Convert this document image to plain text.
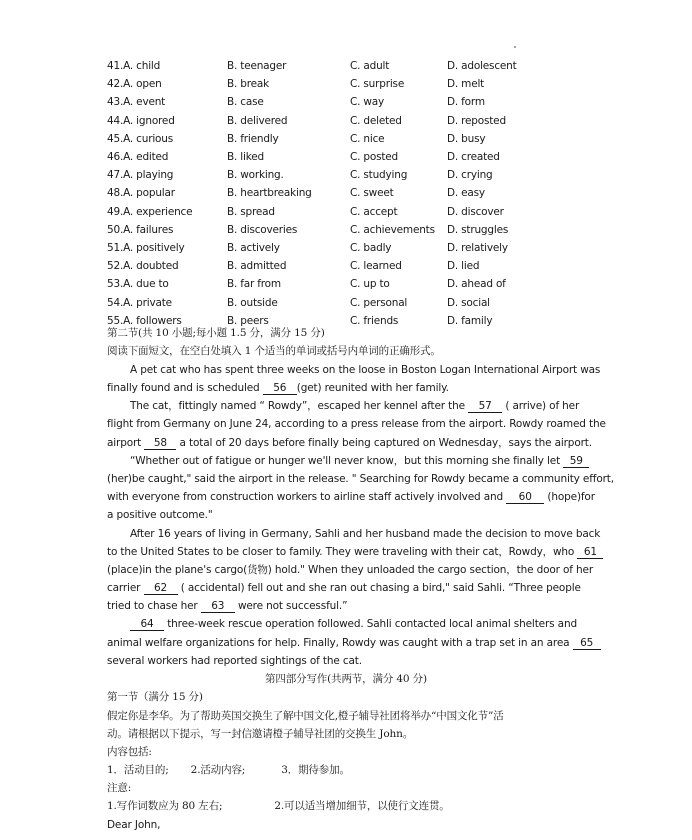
41.A. child	B. teenager	C. adult	D. adolescent
42.A. open	B. break	C. surprise	D. melt
43.A. event	B. case	C. way	D. form
44.A. ignored	B. delivered	C. deleted	D. reposted
45.A. curious	B. friendly	C. nice	D. busy
46.A. edited	B. liked	C. posted	D. created
47.A. playing	B. working.	C. studying	D. crying
48.A. popular	B. heartbreaking	C. sweet	D. easy
49.A. experience	B. spread	C. accept	D. discover
50.A. failures	B. discoveries	C. achievements	D. struggles
51.A. positively	B. actively	C. badly	D. relatively
52.A. doubted	B. admitted	C. learned	D. lied
53.A. due to	B. far from	C. up to	D. ahead of
54.A. private	B. outside	C. personal	D. social
55.A. followers	B. peers	C. friends	D. family
第二节(共 10 小题;每小题 1.5 分，满分 15 分)
阅读下面短文，在空白处填入 1 个适当的单词或括号内单词的正确形式。
A pet cat who has spent three weeks on the loose in Boston Logan International Airport was
finally found and is scheduled 56 (get) reunited with her family.
The cat，fittingly named “ Rowdy”，escaped her kennel after the 57 ( arrive) of her
flight from Germany on June 24, according to a press release from the airport. Rowdy roamed the
airport 58 a total of 20 days before finally being captured on Wednesday，says the airport.
“Whether out of fatigue or hunger we'll never know，but this morning she finally let 59
(her)be caught," said the airport in the release. " Searching for Rowdy became a community effort,
with everyone from construction workers to airline staff actively involved and 60 (hope)for
a positive outcome."
After 16 years of living in Germany, Sahli and her husband made the decision to move back
to the United States to be closer to family. They were traveling with their cat，Rowdy，who 61
(place)in the plane's cargo(货物) hold." When they unloaded the cargo section，the door of her
carrier 62 ( accidental) fell out and she ran out chasing a bird," said Sahli. “Three people
tried to chase her 63 were not successful.”
64 three-week rescue operation followed. Sahli contacted local animal shelters and
animal welfare organizations for help. Finally, Rowdy was caught with a trap set in an area 65
several workers had reported sightings of the cat.
第四部分写作(共两节，满分 40 分)
第一节（满分 15 分)
假定你是李华。为了帮助英国交换生了解中国文化,橙子辅导社团将举办“中国文化节”活
动。请根据以下提示，写一封信邀请橙子辅导社团的交换生 John。
内容包括:
1．活动目的; 2.活动内容;	3．期待参加。
注意:
1.写作词数应为 80 左右;	2.可以适当增加细节，以使行文连贯。
Dear John,
